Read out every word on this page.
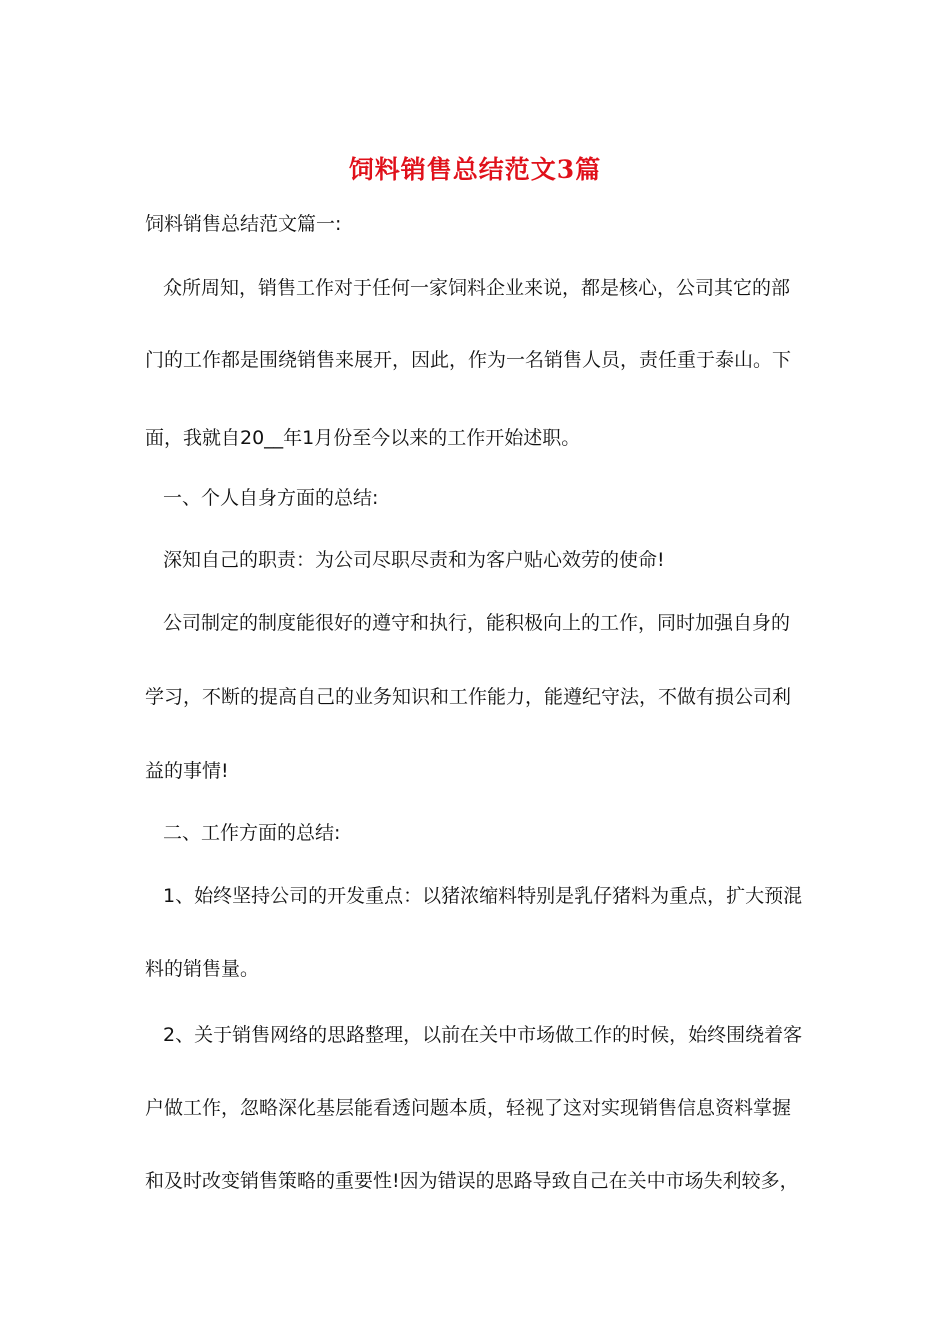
饲料销售总结范文3篇
饲料销售总结范文篇一:
众所周知，销售工作对于任何一家饲料企业来说，都是核心，公司其它的部
门的工作都是围绕销售来展开，因此，作为一名销售人员，责任重于泰山。下
面，我就自20__年1月份至今以来的工作开始述职。
一、个人自身方面的总结:
深知自己的职责：为公司尽职尽责和为客户贴心效劳的使命!
公司制定的制度能很好的遵守和执行，能积极向上的工作，同时加强自身的
学习，不断的提高自己的业务知识和工作能力，能遵纪守法，不做有损公司利
益的事情!
二、工作方面的总结:
1、始终坚持公司的开发重点：以猪浓缩料特别是乳仔猪料为重点，扩大预混
料的销售量。
2、关于销售网络的思路整理，以前在关中市场做工作的时候，始终围绕着客
户做工作，忽略深化基层能看透问题本质，轻视了这对实现销售信息资料掌握
和及时改变销售策略的重要性!因为错误的思路导致自己在关中市场失利较多，
